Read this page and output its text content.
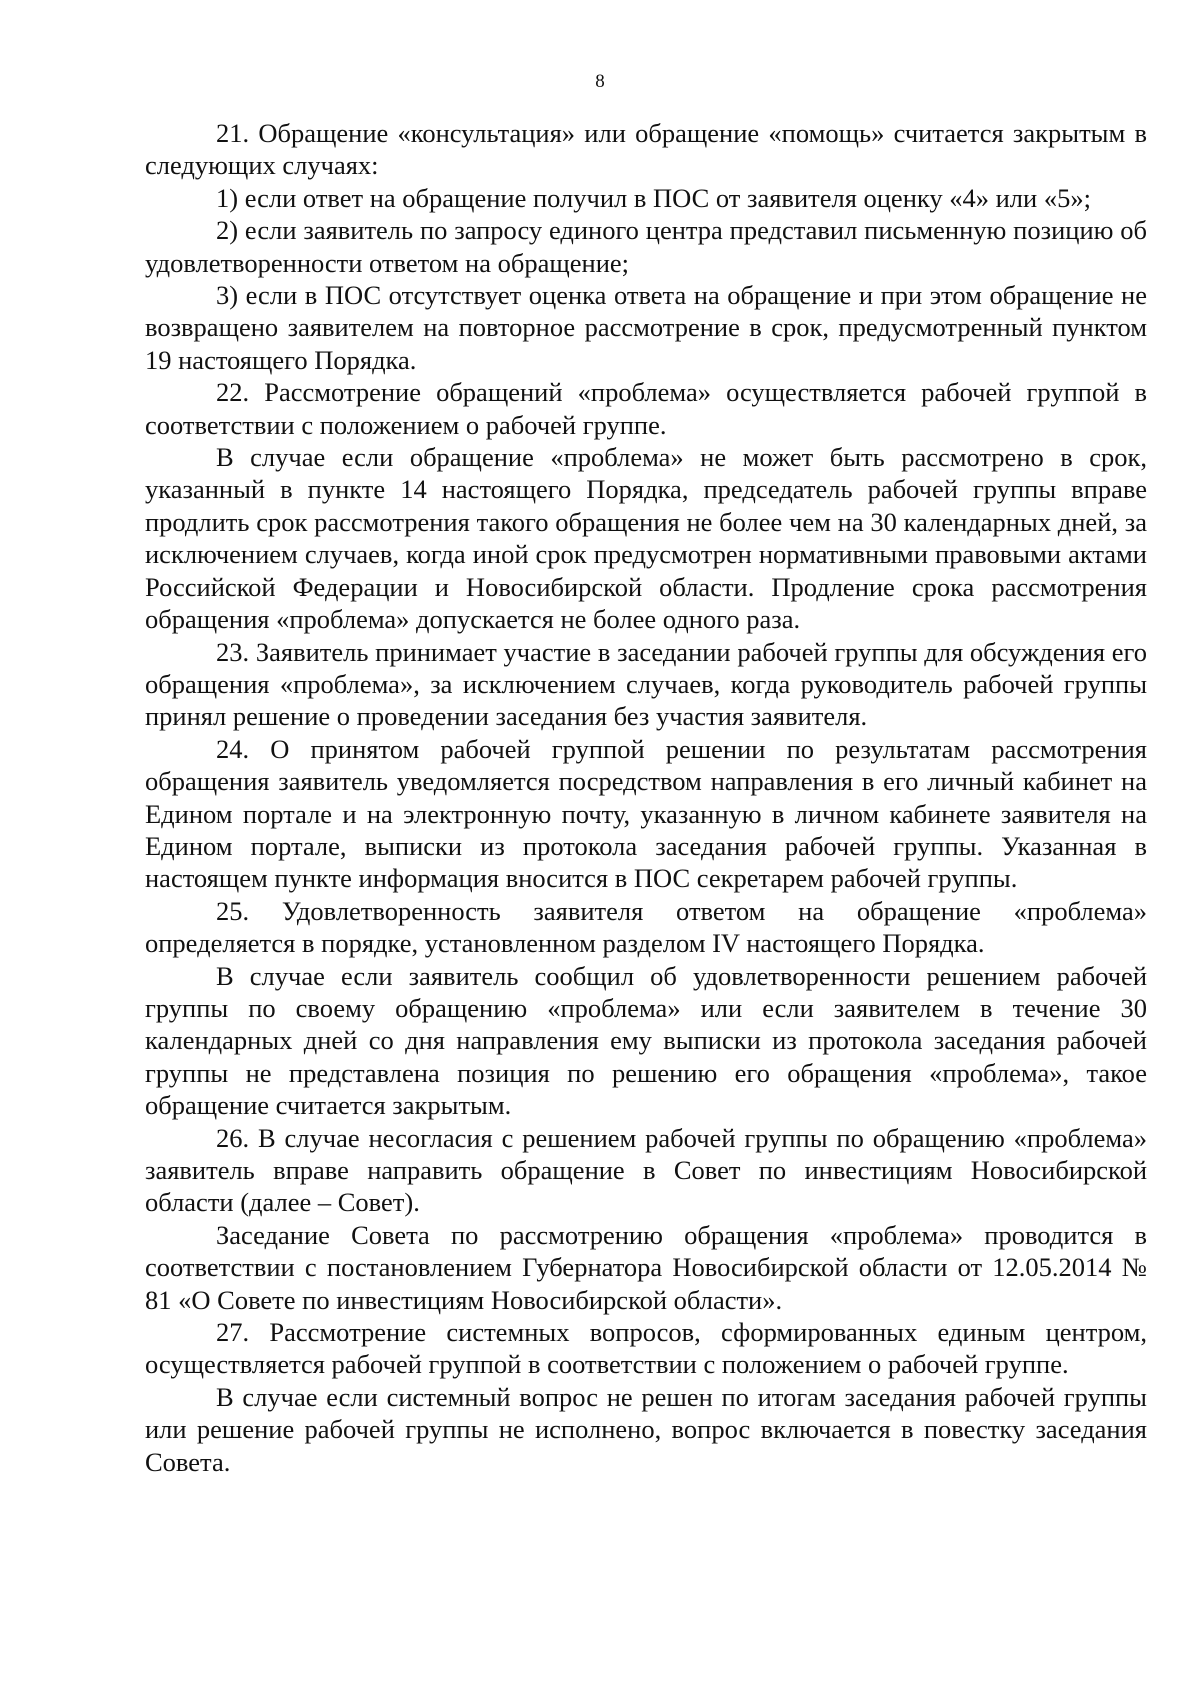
8

21. Обращение «консультация» или обращение «помощь» считается закрытым в следующих случаях:

1) если ответ на обращение получил в ПОС от заявителя оценку «4» или «5»;

2) если заявитель по запросу единого центра представил письменную позицию об удовлетворенности ответом на обращение;

3) если в ПОС отсутствует оценка ответа на обращение и при этом обращение не возвращено заявителем на повторное рассмотрение в срок, предусмотренный пунктом 19 настоящего Порядка.

22. Рассмотрение обращений «проблема» осуществляется рабочей группой в соответствии с положением о рабочей группе.

В случае если обращение «проблема» не может быть рассмотрено в срок, указанный в пункте 14 настоящего Порядка, председатель рабочей группы вправе продлить срок рассмотрения такого обращения не более чем на 30 календарных дней, за исключением случаев, когда иной срок предусмотрен нормативными правовыми актами Российской Федерации и Новосибирской области. Продление срока рассмотрения обращения «проблема» допускается не более одного раза.

23. Заявитель принимает участие в заседании рабочей группы для обсуждения его обращения «проблема», за исключением случаев, когда руководитель рабочей группы принял решение о проведении заседания без участия заявителя.

24. О принятом рабочей группой решении по результатам рассмотрения обращения заявитель уведомляется посредством направления в его личный кабинет на Едином портале и на электронную почту, указанную в личном кабинете заявителя на Едином портале, выписки из протокола заседания рабочей группы. Указанная в настоящем пункте информация вносится в ПОС секретарем рабочей группы.

25. Удовлетворенность заявителя ответом на обращение «проблема» определяется в порядке, установленном разделом IV настоящего Порядка.

В случае если заявитель сообщил об удовлетворенности решением рабочей группы по своему обращению «проблема» или если заявителем в течение 30 календарных дней со дня направления ему выписки из протокола заседания рабочей группы не представлена позиция по решению его обращения «проблема», такое обращение считается закрытым.

26. В случае несогласия с решением рабочей группы по обращению «проблема» заявитель вправе направить обращение в Совет по инвестициям Новосибирской области (далее – Совет).

Заседание Совета по рассмотрению обращения «проблема» проводится в соответствии с постановлением Губернатора Новосибирской области от 12.05.2014 № 81 «О Совете по инвестициям Новосибирской области».

27. Рассмотрение системных вопросов, сформированных единым центром, осуществляется рабочей группой в соответствии с положением о рабочей группе.

В случае если системный вопрос не решен по итогам заседания рабочей группы или решение рабочей группы не исполнено, вопрос включается в повестку заседания Совета.
